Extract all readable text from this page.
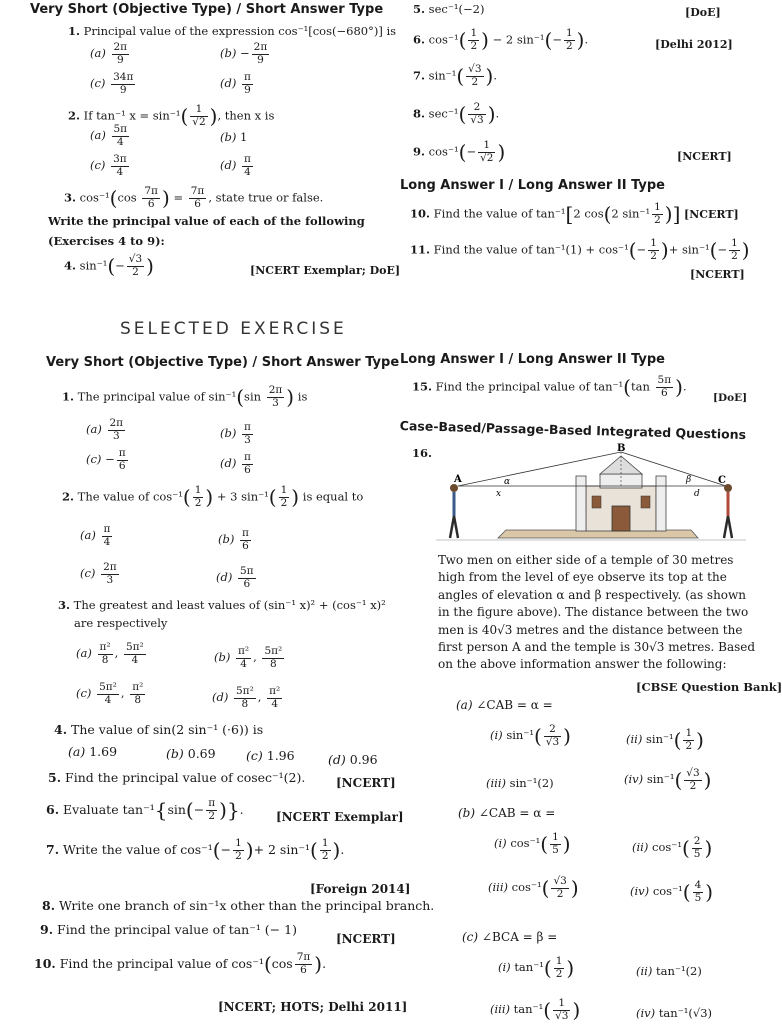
Very Short (Objective Type) / Short Answer Type
1. Principal value of the expression cos⁻¹[cos(−680°)] is
$(a) \frac{2\pi}{9}$	$(b) - \frac{2\pi}{9}$
$(c) \frac{34\pi}{9}$	$(d) \frac{\pi}{9}$
2. If tan⁻¹ $x = \sin^{-1}( \frac{1}{√2}$ ), then x is
$(a) \frac{5\pi}{4}$	(b) 1
$(c) \frac{3\pi}{4}$	$(d) \frac{\pi}{4}$
3. $\cos^{-1}(\cos \frac{7\pi}{6}$ ) = $\frac{7\pi}{6}$ , state true or false.
Write the principal value of each of the following
(Exercises 4 to 9):
4. $\sin^{-1}(- \frac{√3}{2}$ )	[NCERT Exemplar; DoE]
5. sec⁻¹(−2)	[DoE]
6. $\cos^{-1}( \frac{1}{2}$ ) − 2 $\sin^{-1}(- \frac{1}{2}$ ).	[Delhi 2012]
7. $\sin^{-1}( \frac{√3}{2}$ ).
8. $\sec^{-1}( \frac{2}{√3}$ ).
9. $\cos^{-1}(- \frac{1}{√2}$ )	[NCERT]
Long Answer I / Long Answer II Type
10. Find the value of tan⁻¹[2 cos(2 $\sin^{-1} \frac{1}{2}$ )] [NCERT]
11. Find the value of $\tan^{-1}(1) + \cos^{-1}(- \frac{1}{2}$ )+ $\sin^{-1}(- \frac{1}{2}$ )
[NCERT]
SELECTED EXERCISE
Very Short (Objective Type) / Short Answer Type Long Answer I / Long Answer II Type
1. The principal value of $\sin^{-1}(\sin \frac{2\pi}{3}$ ) is
$(a) \frac{2\pi}{3}$	$(b) \frac{\pi}{3}$
$(c) - \frac{\pi}{6}$	$(d) \frac{\pi}{6}$
2. The value of $\cos^{-1}( \frac{1}{2}$ ) + 3 $\sin^{-1}( \frac{1}{2}$ ) is equal to
$(a) \frac{\pi}{4}$	$(b) \frac{\pi}{6}$
$(c) \frac{2\pi}{3}$	$(d) \frac{5\pi}{6}$
3. The greatest and least values of (sin⁻¹ x)² + (cos⁻¹ x)²
are respectively
$(a) \frac{\text{π²}}{8}$ , $\frac{\text{5π²}}{4}$	$(b) \frac{\text{π²}}{4}$ , $\frac{\text{5π²}}{8}$
$(c) \frac{\text{5π²}}{4}$ , $\frac{\text{π²}}{8}$	$(d) \frac{\text{5π²}}{8}$ , $\frac{\text{π²}}{4}$
4. The value of sin(2 sin⁻¹ (·6)) is
(a) 1.69	(b) 0.69 (c) 1.96	(d) 0.96
5. Find the principal value of cosec⁻¹(2).	[NCERT]
6. Evaluate $\tan^{-1}\{\sin(- \frac{\pi}{2}$ )}.	[NCERT Exemplar]
7. Write the value of $\cos^{-1}(- \frac{1}{2}$ )+ 2 $\sin^{-1}( \frac{1}{2}$ ).
[Foreign 2014]
8. Write one branch of sin⁻¹x other than the principal branch.
9. Find the principal value of tan⁻¹ (− 1)
[NCERT]
10. Find the principal value of $\cos^{-1}(\cos \frac{7\pi}{6}$ ).
[NCERT; HOTS; Delhi 2011]
15. Find the principal value of $\tan^{-1}(\tan \frac{5\pi}{6}$ ).
[DoE]
Case-Based/Passage-Based Integrated Questions
16.
A
B
C
α	β
x	d
Two men on either side of a temple of 30 metres high from the level of eye observe its top at the angles of elevation α and β respectively. (as shown in the figure above). The distance between the two men is 40√3 metres and the distance between the first person A and the temple is 30√3 metres. Based on the above information answer the following:
[CBSE Question Bank]
(a) ∠CAB = α =
(i) $\sin^{-1}( \frac{2}{√3}$ )	(ii) $\sin^{-1}( \frac{1}{2}$ )
(iii) sin⁻¹(2)	(iv) $\sin^{-1}( \frac{√3}{2}$ )
(b) ∠CAB = α =
(i) $\cos^{-1}( \frac{1}{5}$ )	(ii) $\cos^{-1}( \frac{2}{5}$ )
(iii) $\cos^{-1}( \frac{√3}{2}$ )	(iv) $\cos^{-1}( \frac{4}{5}$ )
(c) ∠BCA = β =
(i) $\tan^{-1}( \frac{1}{2}$ )	(ii) tan⁻¹(2)
(iii) $\tan^{-1}( \frac{1}{√3}$ )	(iv) tan⁻¹(√3)
